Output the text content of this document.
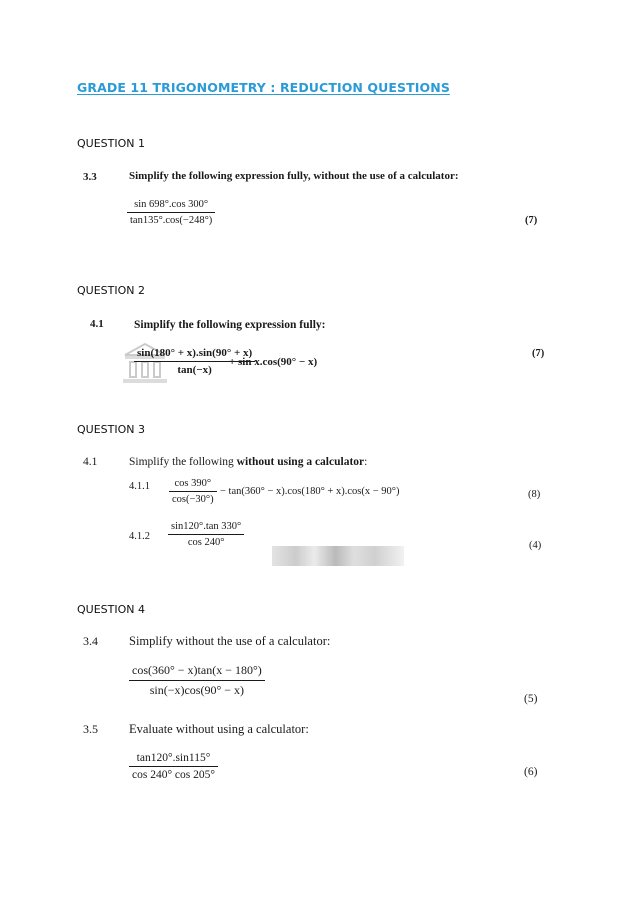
GRADE 11 TRIGONOMETRY : REDUCTION QUESTIONS
QUESTION 1
3.3	Simplify the following expression fully, without the use of a calculator:
sin 698°.cos 300°
tan135°.cos(−248°)	(7)
QUESTION 2
4.1	Simplify the following expression fully:
sin(180° + x).sin(90° + x)
tan(−x)
+ sin x.cos(90° − x)
(7)
QUESTION 3
4.1	Simplify the following without using a calculator:
4.1.1 cos 390°
cos(−30°)
− tan(360° − x).cos(180° + x).cos(x − 90°)	(8)
4.1.2
sin120°.tan 330°
cos 240°	(4)
QUESTION 4
3.4 Simplify without the use of a calculator:
cos(360° − x)tan(x − 180°)
sin(−x)cos(90° − x)
(5)
3.5 Evaluate without using a calculator:
tan120°.sin115°
cos 240° cos 205°	(6)
